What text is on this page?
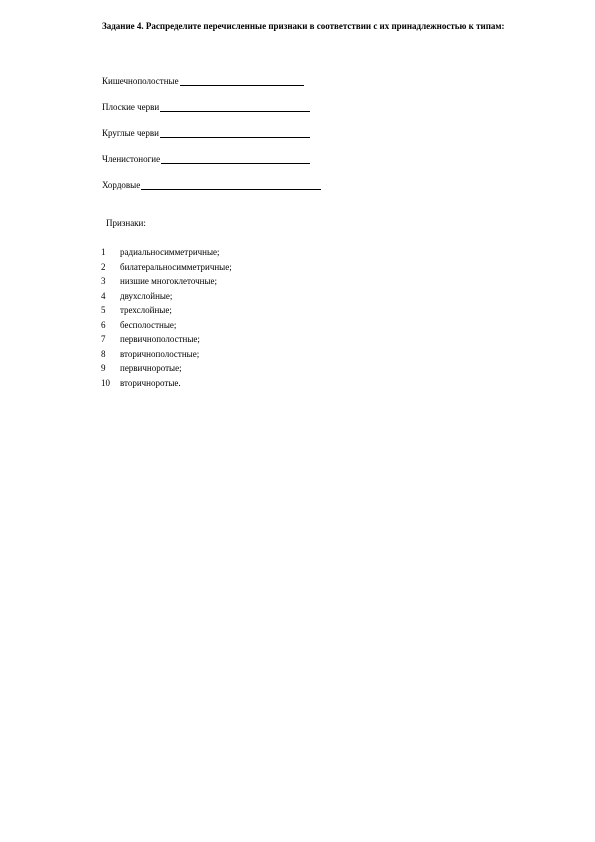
Задание 4. Распределите перечисленные признаки в соответствии с их принадлежностью к типам:

Кишечнополостные
Плоские черви
Круглые черви
Членистоногие
Хордовые

Признаки:

1	радиальносимметричные;
2	билатеральносимметричные;
3	низшие многоклеточные;
4	двухслойные;
5	трехслойные;
6	бесполостные;
7	первичнополостные;
8	вторичнополостные;
9	первичноротые;
10	вторичноротые.
